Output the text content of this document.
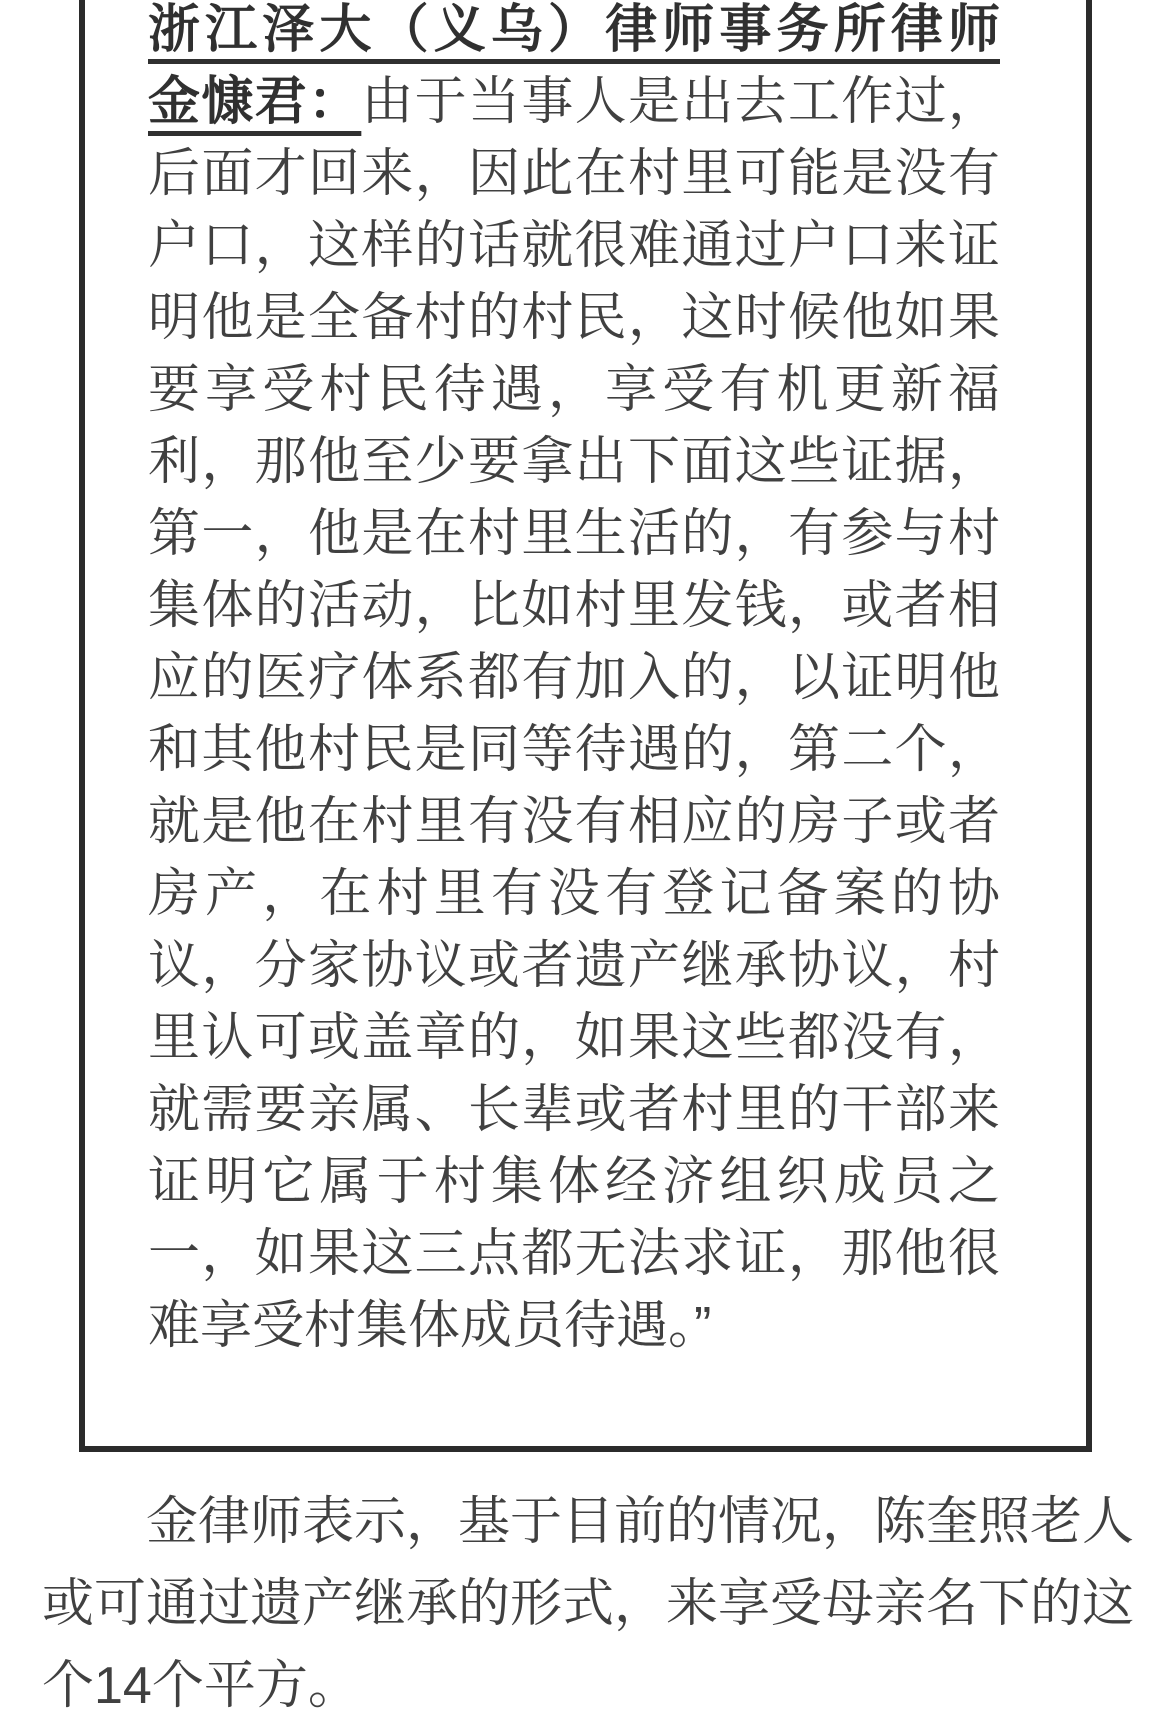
浙江泽大（义乌）律师事务所律师
金慷君：由于当事人是出去工作过，
后面才回来，因此在村里可能是没有
户口，这样的话就很难通过户口来证
明他是全备村的村民，这时候他如果
要享受村民待遇，享受有机更新福
利，那他至少要拿出下面这些证据，
第一，他是在村里生活的，有参与村
集体的活动，比如村里发钱，或者相
应的医疗体系都有加入的，以证明他
和其他村民是同等待遇的，第二个，
就是他在村里有没有相应的房子或者
房产，在村里有没有登记备案的协
议，分家协议或者遗产继承协议，村
里认可或盖章的，如果这些都没有，
就需要亲属、长辈或者村里的干部来
证明它属于村集体经济组织成员之
一，如果这三点都无法求证，那他很
难享受村集体成员待遇。”
　　金律师表示，基于目前的情况，陈奎照老人
或可通过遗产继承的形式，来享受母亲名下的这
个14个平方。
